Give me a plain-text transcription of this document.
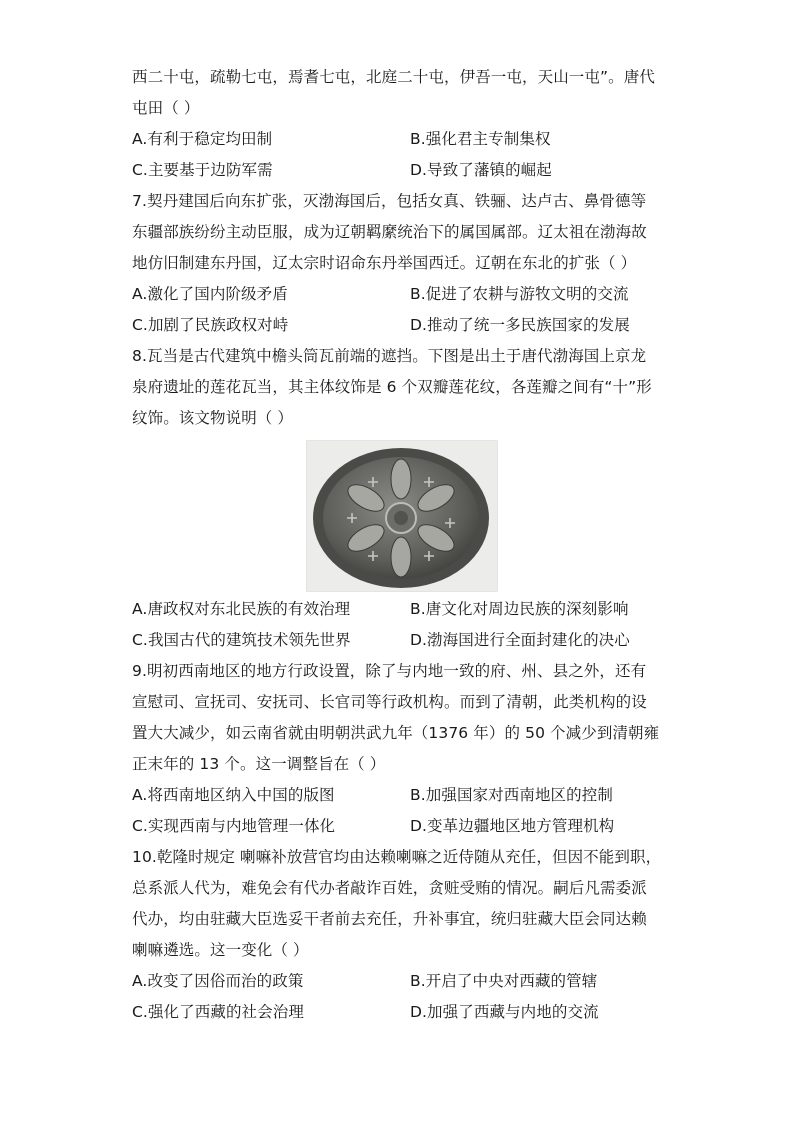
西二十屯，疏勒七屯，焉耆七屯，北庭二十屯，伊吾一屯，天山一屯”。唐代
屯田（ ）
A.有利于稳定均田制	B.强化君主专制集权
C.主要基于边防军需	D.导致了藩镇的崛起
7.契丹建国后向东扩张，灭渤海国后，包括女真、铁骊、达卢古、鼻骨德等
东疆部族纷纷主动臣服，成为辽朝羁縻统治下的属国属部。辽太祖在渤海故
地仿旧制建东丹国，辽太宗时诏命东丹举国西迁。辽朝在东北的扩张（ ）
A.激化了国内阶级矛盾	B.促进了农耕与游牧文明的交流
C.加剧了民族政权对峙	D.推动了统一多民族国家的发展
8.瓦当是古代建筑中檐头筒瓦前端的遮挡。下图是出土于唐代渤海国上京龙
泉府遗址的莲花瓦当，其主体纹饰是 6 个双瓣莲花纹，各莲瓣之间有“十”形
纹饰。该文物说明（ ）
A.唐政权对东北民族的有效治理	B.唐文化对周边民族的深刻影响
C.我国古代的建筑技术领先世界	D.渤海国进行全面封建化的决心
9.明初西南地区的地方行政设置，除了与内地一致的府、州、县之外，还有
宣慰司、宣抚司、安抚司、长官司等行政机构。而到了清朝，此类机构的设
置大大减少，如云南省就由明朝洪武九年（1376 年）的 50 个减少到清朝雍
正末年的 13 个。这一调整旨在（ ）
A.将西南地区纳入中国的版图	B.加强国家对西南地区的控制
C.实现西南与内地管理一体化	D.变革边疆地区地方管理机构
10.乾隆时规定 喇嘛补放营官均由达赖喇嘛之近侍随从充任，但因不能到职，
总系派人代为，难免会有代办者敲诈百姓，贪赃受贿的情况。嗣后凡需委派
代办，均由驻藏大臣选妥干者前去充任，升补事宜，统归驻藏大臣会同达赖
喇嘛遴选。这一变化（ ）
A.改变了因俗而治的政策	B.开启了中央对西藏的管辖
C.强化了西藏的社会治理	D.加强了西藏与内地的交流
